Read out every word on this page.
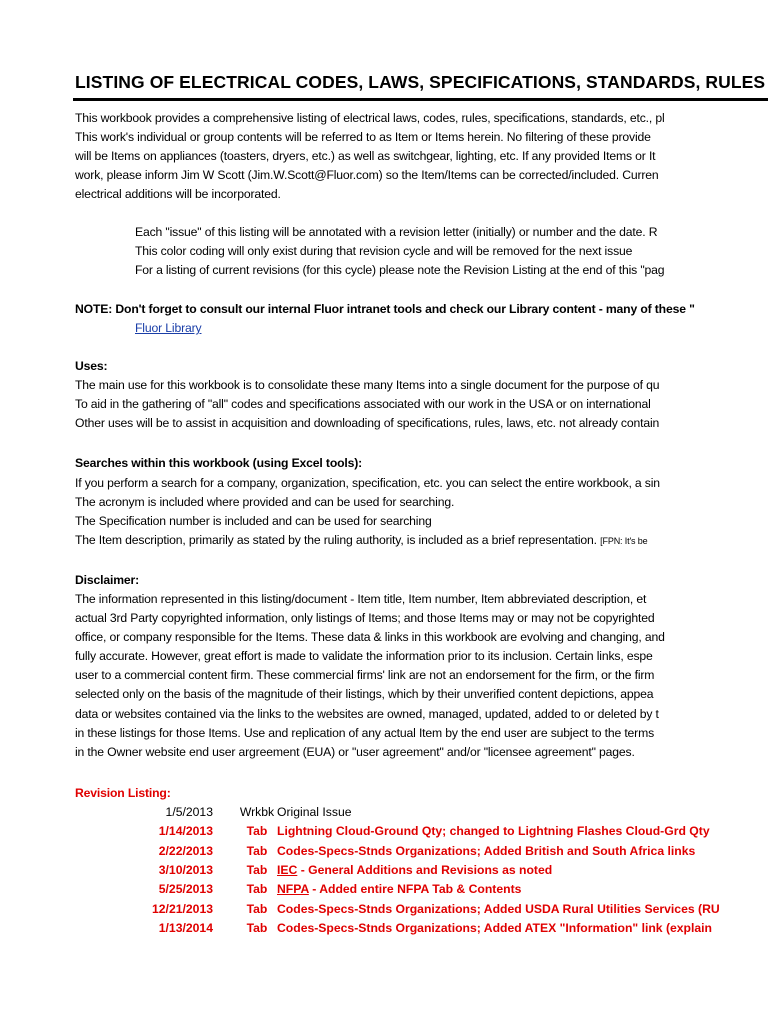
LISTING OF ELECTRICAL CODES, LAWS, SPECIFICATIONS, STANDARDS, RULES
This workbook provides a comprehensive listing of electrical laws, codes, rules, specifications, standards, etc., pl
This work's individual or group contents will be referred to as Item or Items herein. No filtering of these provide
will be Items on appliances (toasters, dryers, etc.) as well as switchgear, lighting, etc. If any provided Items or It
work, please inform Jim W Scott (Jim.W.Scott@Fluor.com) so the Item/Items can be corrected/included. Curren
electrical additions will be incorporated.
Each "issue" of this listing will be annotated with a revision letter (initially) or number and the date. R
This color coding will only exist during that revision cycle and will be removed for the next issue
For a listing of current revisions (for this cycle) please note the Revision Listing at the end of this "pag
NOTE: Don't forget to consult our internal Fluor intranet tools and check our Library content - many of these "
Fluor Library
Uses:
The main use for this workbook is to consolidate these many Items into a single document for the purpose of qu
To aid in the gathering of "all" codes and specifications associated with our work in the USA or on international
Other uses will be to assist in acquisition and downloading of specifications, rules, laws, etc. not already contain
Searches within this workbook (using Excel tools):
If you perform a search for a company, organization, specification, etc. you can select the entire workbook, a sin
The acronym is included where provided and can be used for searching.
The Specification number is included and can be used for searching
The Item description, primarily as stated by the ruling authority, is included as a brief representation. [FPN: It's be
Disclaimer:
The information represented in this listing/document - Item title, Item number, Item abbreviated description, et
actual 3rd Party copyrighted information, only listings of Items; and those Items may or may not be copyrighted
office, or company responsible for the Items. These data & links in this workbook are evolving and changing, and
fully accurate. However, great effort is made to validate the information prior to its inclusion. Certain links, espe
user to a commercial content firm. These commercial firms' link are not an endorsement for the firm, or the firm
selected only on the basis of the magnitude of their listings, which by their unverified content depictions, appea
data or websites contained via the links to the websites are owned, managed, updated, added to or deleted by t
in these listings for those Items. Use and replication of any actual Item by the end user are subject to the terms
in the Owner website end user argreement (EUA) or "user agreement" and/or "licensee agreement" pages.
Revision Listing:
1/5/2013 Wrkbk Original Issue
1/14/2013	Tab Lightning Cloud-Ground Qty; changed to Lightning Flashes Cloud-Grd Qty
2/22/2013	Tab Codes-Specs-Stnds Organizations; Added British and South Africa links
3/10/2013	Tab IEC - General Additions and Revisions as noted
5/25/2013	Tab NFPA - Added entire NFPA Tab & Contents
12/21/2013	Tab Codes-Specs-Stnds Organizations; Added USDA Rural Utilities Services (RU
1/13/2014	Tab Codes-Specs-Stnds Organizations; Added ATEX "Information" link (explain
